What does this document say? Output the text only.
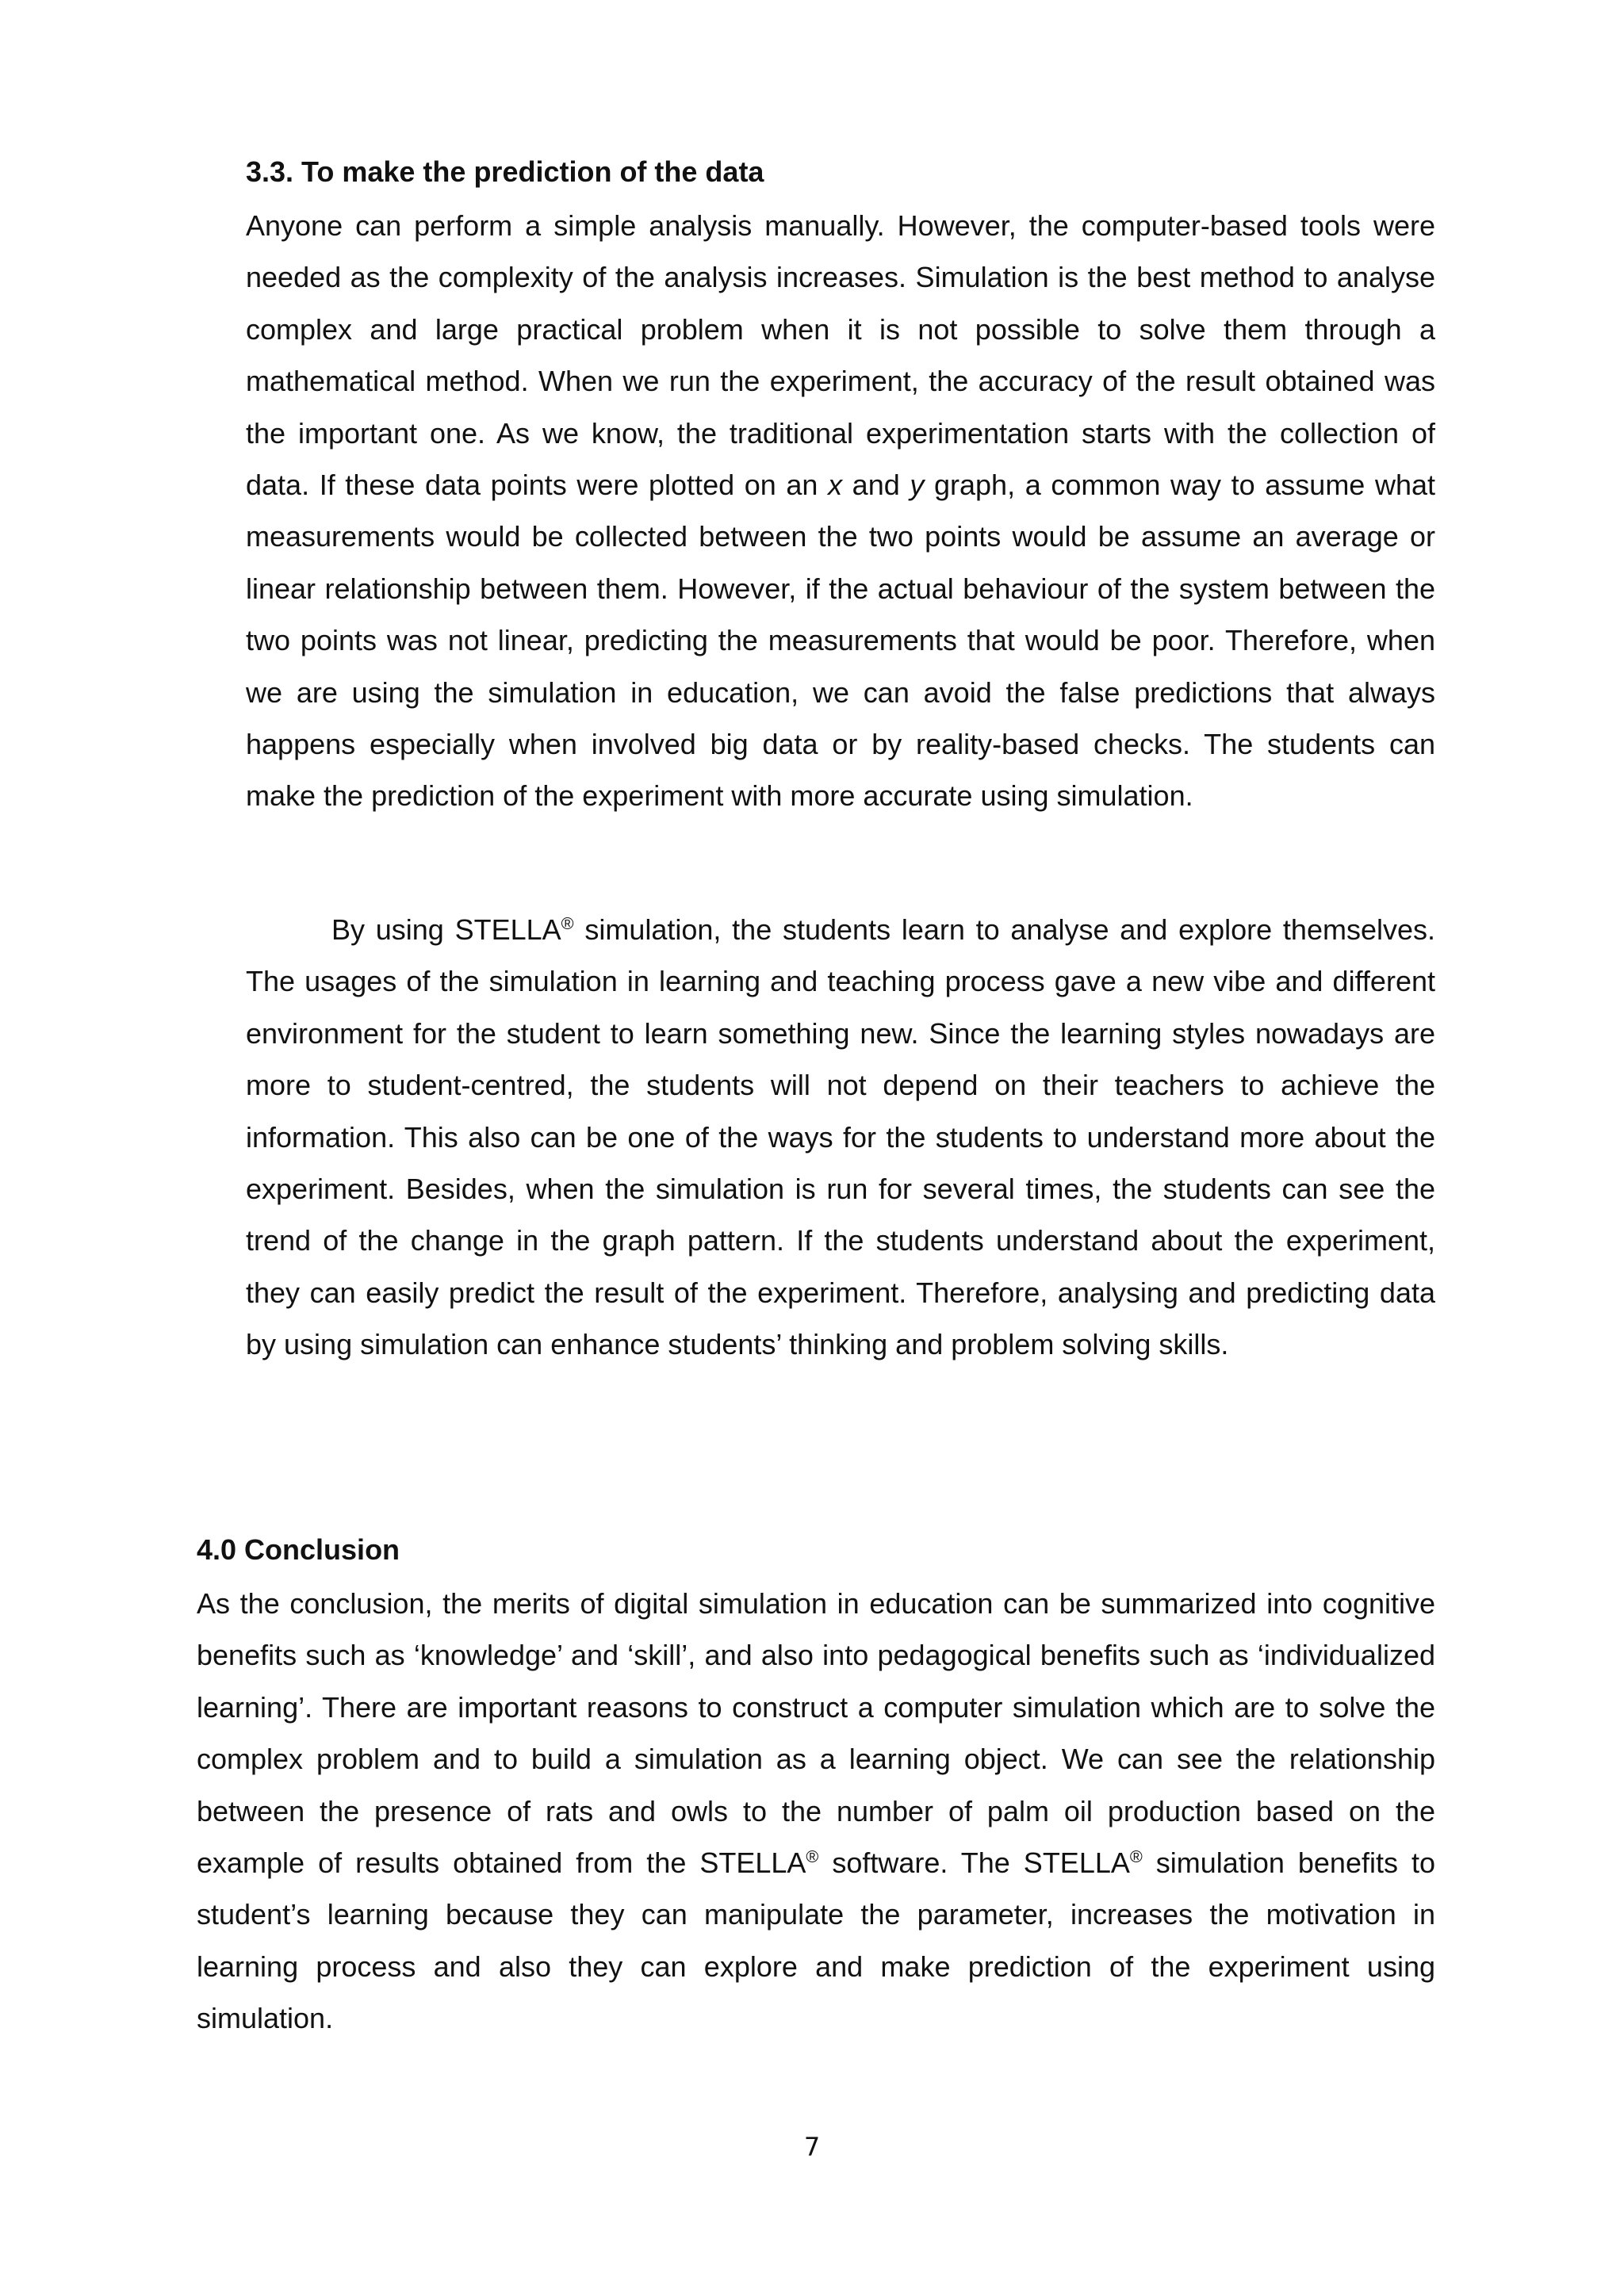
3.3. To make the prediction of the data

Anyone can perform a simple analysis manually. However, the computer-based tools were needed as the complexity of the analysis increases. Simulation is the best method to analyse complex and large practical problem when it is not possible to solve them through a mathematical method. When we run the experiment, the accuracy of the result obtained was the important one. As we know, the traditional experimentation starts with the collection of data. If these data points were plotted on an x and y graph, a common way to assume what measurements would be collected between the two points would be assume an average or linear relationship between them. However, if the actual behaviour of the system between the two points was not linear, predicting the measurements that would be poor. Therefore, when we are using the simulation in education, we can avoid the false predictions that always happens especially when involved big data or by reality-based checks. The students can make the prediction of the experiment with more accurate using simulation.

By using STELLA® simulation, the students learn to analyse and explore themselves. The usages of the simulation in learning and teaching process gave a new vibe and different environment for the student to learn something new. Since the learning styles nowadays are more to student-centred, the students will not depend on their teachers to achieve the information. This also can be one of the ways for the students to understand more about the experiment. Besides, when the simulation is run for several times, the students can see the trend of the change in the graph pattern. If the students understand about the experiment, they can easily predict the result of the experiment. Therefore, analysing and predicting data by using simulation can enhance students’ thinking and problem solving skills.

4.0 Conclusion

As the conclusion, the merits of digital simulation in education can be summarized into cognitive benefits such as ‘knowledge’ and ‘skill’, and also into pedagogical benefits such as ‘individualized learning’. There are important reasons to construct a computer simulation which are to solve the complex problem and to build a simulation as a learning object. We can see the relationship between the presence of rats and owls to the number of palm oil production based on the example of results obtained from the STELLA® software. The STELLA® simulation benefits to student’s learning because they can manipulate the parameter, increases the motivation in learning process and also they can explore and make prediction of the experiment using simulation.

7
